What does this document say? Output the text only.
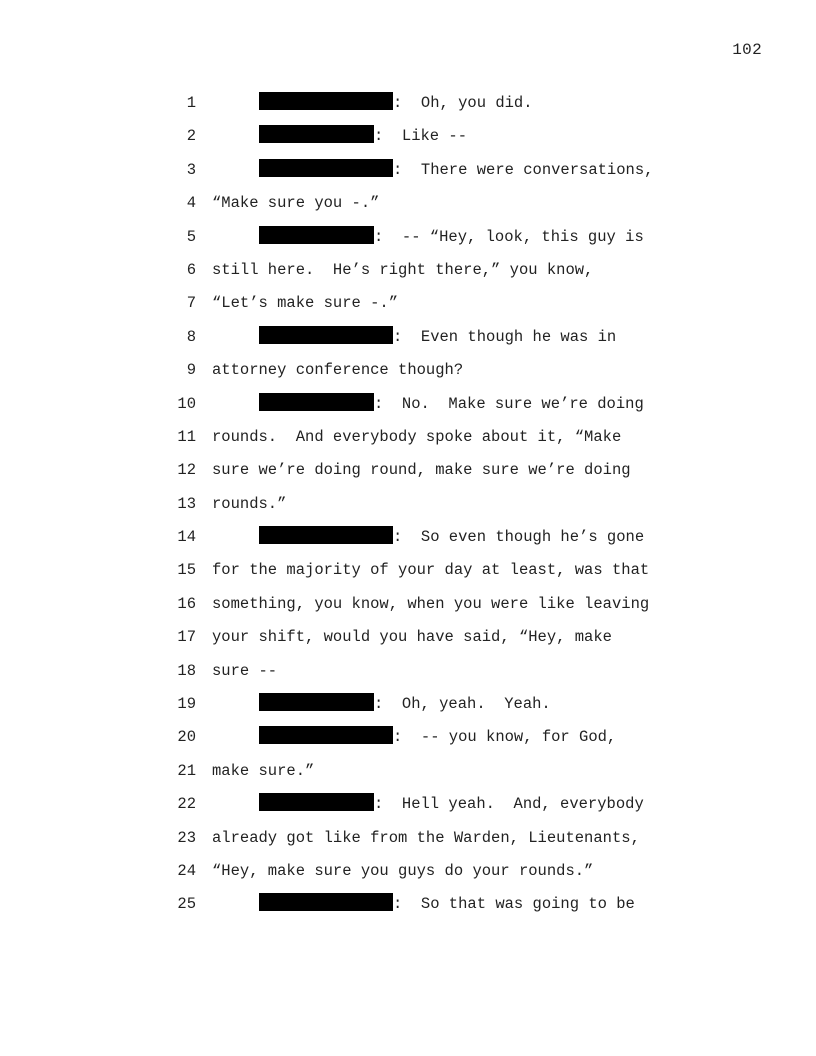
102
1	:  Oh, you did.
2	:  Like --
3	:  There were conversations,
4 “Make sure you -.”
5	:  -- “Hey, look, this guy is
6 still here.  He’s right there,” you know,
7 “Let’s make sure -.”
8	:  Even though he was in
9 attorney conference though?
10	:  No.  Make sure we’re doing
11 rounds.  And everybody spoke about it, “Make
12 sure we’re doing round, make sure we’re doing
13 rounds.”
14	:  So even though he’s gone
15 for the majority of your day at least, was that
16 something, you know, when you were like leaving
17 your shift, would you have said, “Hey, make
18 sure --
19	:  Oh, yeah.  Yeah.
20	:  -- you know, for God,
21 make sure.”
22	:  Hell yeah.  And, everybody
23 already got like from the Warden, Lieutenants,
24 “Hey, make sure you guys do your rounds.”
25	:  So that was going to be
